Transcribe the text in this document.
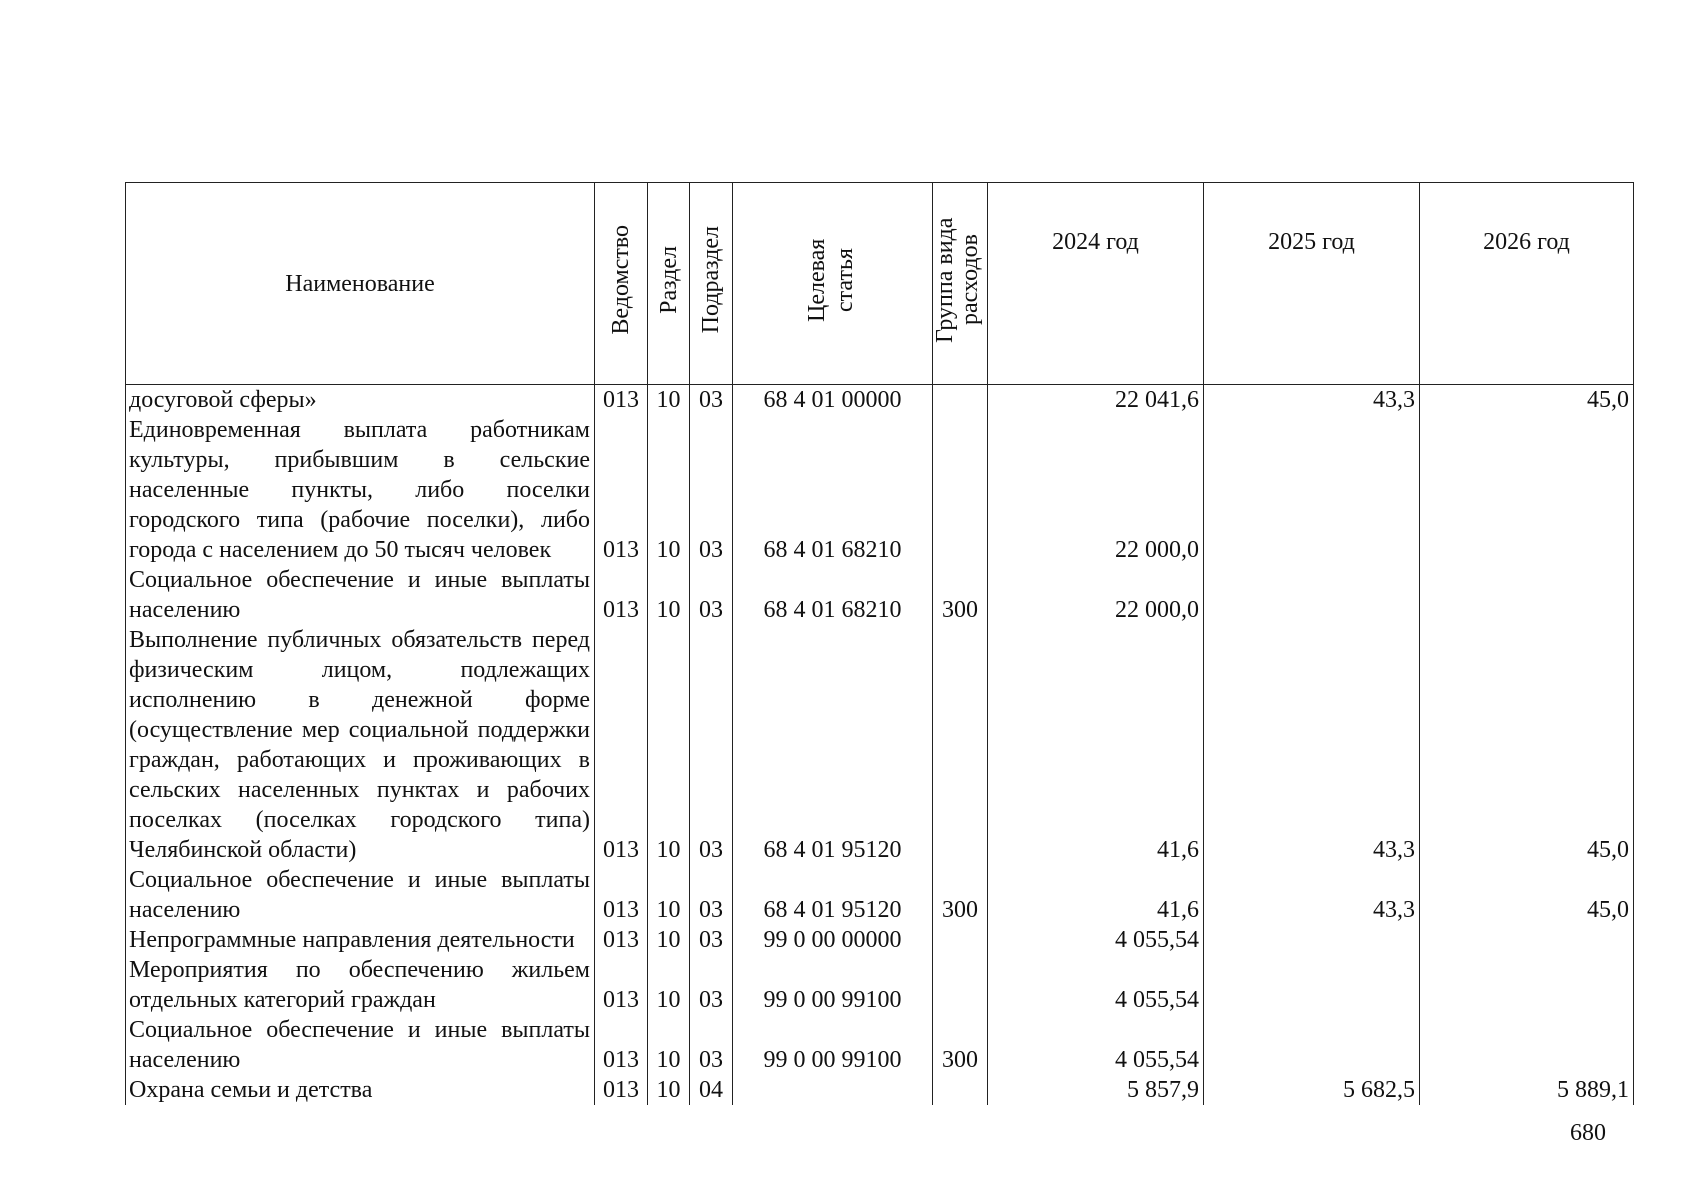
Наименование	Ведомство	Раздел	Подраздел	Целевая статья	Группа вида расходов	2024 год	2025 год	2026 год
досуговой сферы»	013	10	03	68 4 01 00000		22 041,6	43,3	45,0
Единовременная выплата работникам культуры, прибывшим в сельские населенные пункты, либо поселки городского типа (рабочие поселки), либо города с населением до 50 тысяч человек	013	10	03	68 4 01 68210		22 000,0		
Социальное обеспечение и иные выплаты населению	013	10	03	68 4 01 68210	300	22 000,0		
Выполнение публичных обязательств перед физическим лицом, подлежащих исполнению в денежной форме (осуществление мер социальной поддержки граждан, работающих и проживающих в сельских населенных пунктах и рабочих поселках (поселках городского типа) Челябинской области)	013	10	03	68 4 01 95120		41,6	43,3	45,0
Социальное обеспечение и иные выплаты населению	013	10	03	68 4 01 95120	300	41,6	43,3	45,0
Непрограммные направления деятельности	013	10	03	99 0 00 00000		4 055,54		
Мероприятия по обеспечению жильем отдельных категорий граждан	013	10	03	99 0 00 99100		4 055,54		
Социальное обеспечение и иные выплаты населению	013	10	03	99 0 00 99100	300	4 055,54		
Охрана семьи и детства	013	10	04			5 857,9	5 682,5	5 889,1
680
